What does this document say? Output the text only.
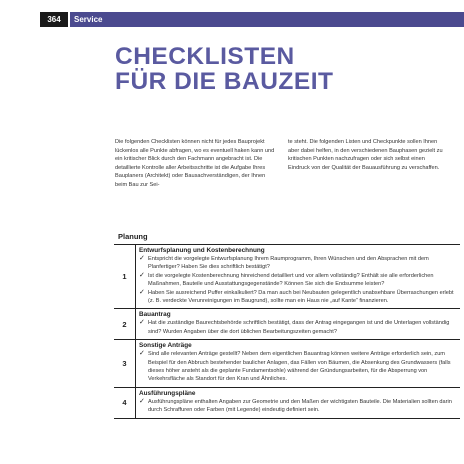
364	Service
CHECKLISTEN
FÜR DIE BAUZEIT
Die folgenden Checklisten können nicht für jedes Bauprojekt lückenlos alle Punkte abfragen, wo es eventuell haken kann und ein kritischer Blick durch den Fachmann angebracht ist. Die detaillierte Kontrolle aller Arbeitsschritte ist die Aufgabe Ihres Bauplaners (Architekt) oder Bausachverständigen, der Ihnen beim Bau zur Sei-
te steht. Die folgenden Listen und Checkpunkte sollen Ihnen aber dabei helfen, in den verschiedenen Bauphasen gezielt zu kritischen Punkten nachzufragen oder sich selbst einen Eindruck von der Qualität der Bauausführung zu verschaffen.
Planung
1
Entwurfsplanung und Kostenberechnung
✓ Entspricht die vorgelegte Entwurfsplanung Ihrem Raumprogramm, Ihren Wünschen und den Absprachen mit dem Planfertiger? Haben Sie dies schriftlich bestätigt?
✓ Ist die vorgelegte Kostenberechnung hinreichend detailliert und vor allem vollständig? Enthält sie alle erforderlichen Maßnahmen, Bauteile und Ausstattungsgegenstände? Können Sie sich die Endsumme leisten?
✓ Haben Sie ausreichend Puffer einkalkuliert? Da man auch bei Neubauten gelegentlich unabsehbare Überraschungen erlebt (z. B. verdeckte Verunreinigungen im Baugrund), sollte man ein Haus nie „auf Kante“ finanzieren.
2
Bauantrag
✓ Hat die zuständige Baurechtsbehörde schriftlich bestätigt, dass der Antrag eingegangen ist und die Unterlagen vollständig sind? Wurden Angaben über die dort üblichen Bearbeitungszeiten gemacht?
3
Sonstige Anträge
✓ Sind alle relevanten Anträge gestellt? Neben dem eigentlichen Bauantrag können weitere Anträge erforderlich sein, zum Beispiel für den Abbruch bestehender baulicher Anlagen, das Fällen von Bäumen, die Absenkung des Grundwassers (falls dieses höher ansteht als die geplante Fundamentsohle) während der Gründungsarbeiten, für die Absperrung von Verkehrsfläche als Standort für den Kran und Ähnliches.
4
Ausführungspläne
✓ Ausführungspläne enthalten Angaben zur Geometrie und den Maßen der wichtigsten Bauteile. Die Materialien sollten darin durch Schraffuren oder Farben (mit Legende) eindeutig definiert sein.
